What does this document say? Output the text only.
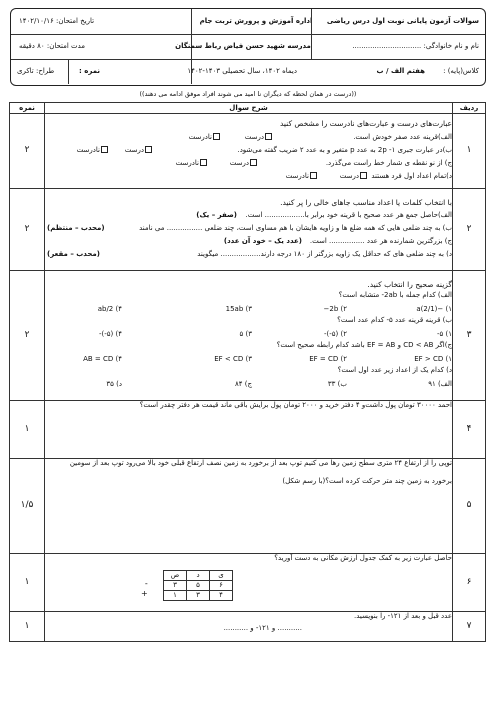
سوالات آزمون پایانی نوبت اول درس ریاضی
اداره آموزش و پرورش تربت جام
تاریخ امتحان: ۱۴۰۲/۱۰/۱۶
نام و نام خانوادگی: ...............................
مدرسه شهید حسن فیاض رباط سمنگان
مدت امتحان: ۸۰ دقیقه
کلاس(پایه) :
هفتم الف / ب
دیماه ۱۴۰۲، سال تحصیلی ۱۴۰۳-۱۴۰۲
نمره :
طراح: تاکری
((درست در همان لحظه که دیگران نا امید می شوند افراد موفق ادامه می دهند))
ردیف	شرح سوال	نمره
۱	
عبارت‌های درست و عبارت‌های نادرست را مشخص کنید
الف)قرینه عدد صفر خودش است.
درست
نادرست
ب)در عبارت جبری ۱- 2p به عدد p متغیر و به عدد ۲ ضریب گفته می‌شود.
درست
نادرست
ج) از نو نقطه ی شمار خط راست می‌گذرد.
درست
نادرست
د)تمام اعداد اول فرد هستند
درست
نادرست
	۲
۲	
با انتخاب کلمات یا اعداد مناسب جاهای خالی را پر کنید.
الف)حاصل جمع هر عدد صحیح با قرینه خود برابر با.................. است.
(صفر – یک)
ب) به چند ضلعی هایی که همه ضلع ها و زاویه هایشان با هم مساوی است، چند ضلعی ................ می نامند
(محدب – منتظم)
ج) بزرگترین شمارنده هر عدد ................ است.
(عدد یک – خود آن عدد)
د) به چند ضلعی های که حداقل یک زاویه بزرگتر از ۱۸۰ درجه دارند.................. میگویند
(محدب – مقعر)
	۲
۳	
گزینه صحیح را انتخاب کنید.
الف) کدام جمله با 2ab- متشابه است؟
۱) −(2/1)a
۲) 2b−
۳) 15ab
۴) 2/ab
ب) قرینه قرینه عدد ۵- کدام عدد است؟
۱) ۵-
۲) (۵-)-
۳) ۵
۴) (۵-)-
ج)اگر CD < AB و EF = AB باشد کدام رابطه صحیح است؟
۱) EF > CD
۲) EF = CD
۳) EF < CD
۴) AB = CD
د) کدام یک از اعداد زیر عدد اول است؟
الف) ۹۱
ب) ۳۳
ج) ۸۴
د) ۳۵
	۲
۴	
احمد ۳۰۰۰۰ تومان پول داشت‌و ۴ دفتر خرید و ۲۰۰۰ تومان پول برایش باقی ماند قیمت هر دفتر چقدر است؟
	۱
۵	
توپی را از ارتفاع ۲۴ متری سطح زمین رها می کنیم توپ بعد از برخورد به زمین نصف ارتفاع قبلی خود بالا می‌رود توپ بعد از سومین
برخورد به زمین چند متر حرکت کرده است؟(با رسم شکل)
	۱/۵
۶	
حاصل عبارت زیر به کمک جدول ارزش مکانی به دست آورید؟
ی	د	ص
۶	۵	۳
۴	۳	۱
-
+
	۱
۷	
عدد قبل و بعد از ۱۲۱- را بنویسید.
........... و ۱۲۱- و ...........
	۱
